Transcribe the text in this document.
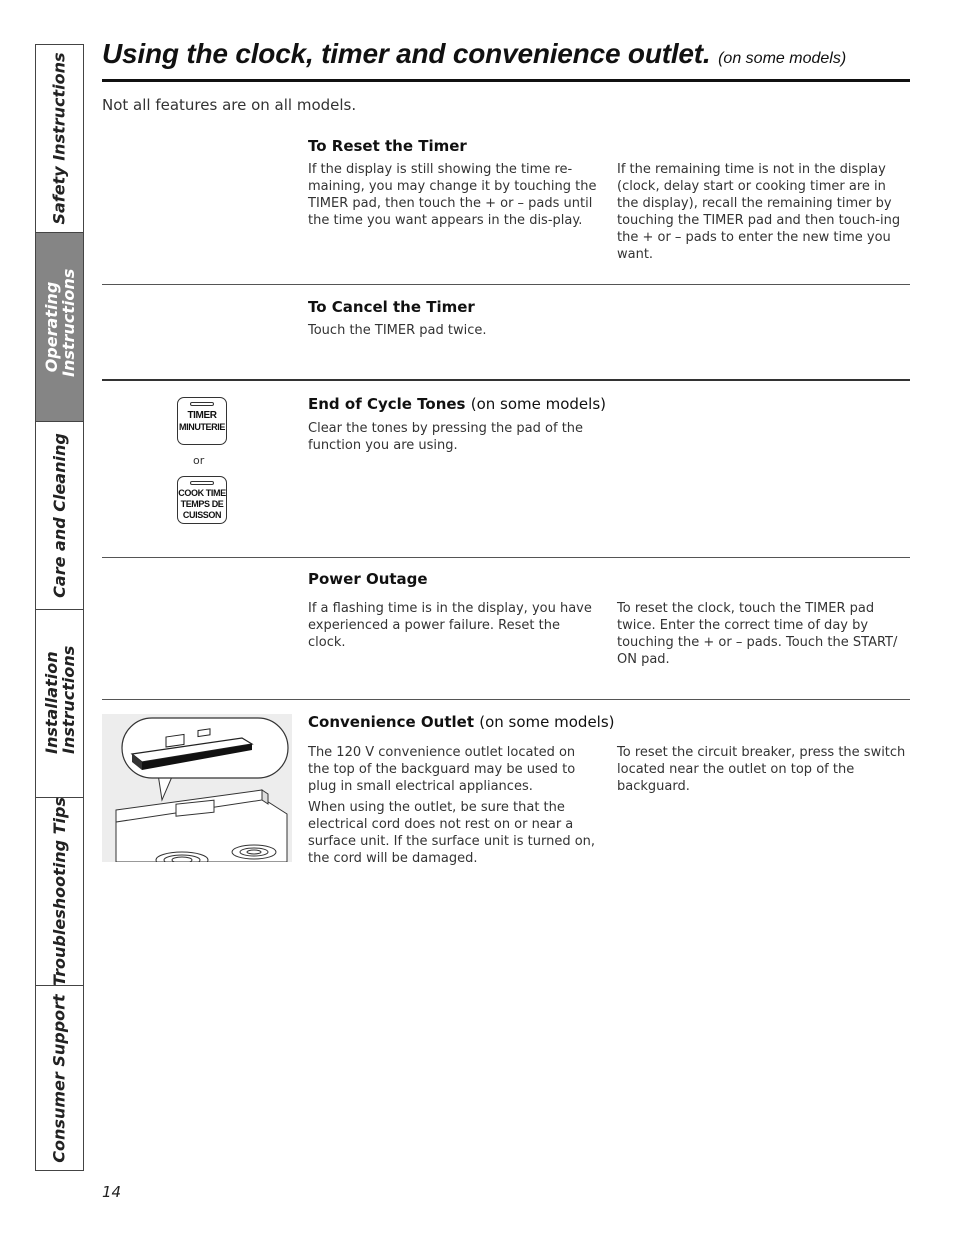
Safety Instructions
Operating Instructions
Care and Cleaning
Installation Instructions
Troubleshooting Tips
Consumer Support
Using the clock, timer and convenience outlet. (on some models)
Not all features are on all models.
To Reset the Timer
If the display is still showing the time re-maining, you may change it by touching the TIMER pad, then touch the + or – pads until the time you want appears in the dis-play.
If the remaining time is not in the display (clock, delay start or cooking timer are in the display), recall the remaining timer by touching the TIMER pad and then touch-ing the + or – pads to enter the new time you want.
To Cancel the Timer
Touch the TIMER pad twice.
End of Cycle Tones (on some models)
Clear the tones by pressing the pad of the function you are using.
TIMER
MINUTERIE
or
COOK TIME
TEMPS DE
CUISSON
Power Outage
If a flashing time is in the display, you have experienced a power failure. Reset the clock.
To reset the clock, touch the TIMER pad twice. Enter the correct time of day by touching the + or – pads. Touch the START/ ON pad.
Convenience Outlet (on some models)
The 120 V convenience outlet located on the top of the backguard may be used to plug in small electrical appliances.
When using the outlet, be sure that the electrical cord does not rest on or near a surface unit. If the surface unit is turned on, the cord will be damaged.
To reset the circuit breaker, press the switch located near the outlet on top of the backguard.
14
